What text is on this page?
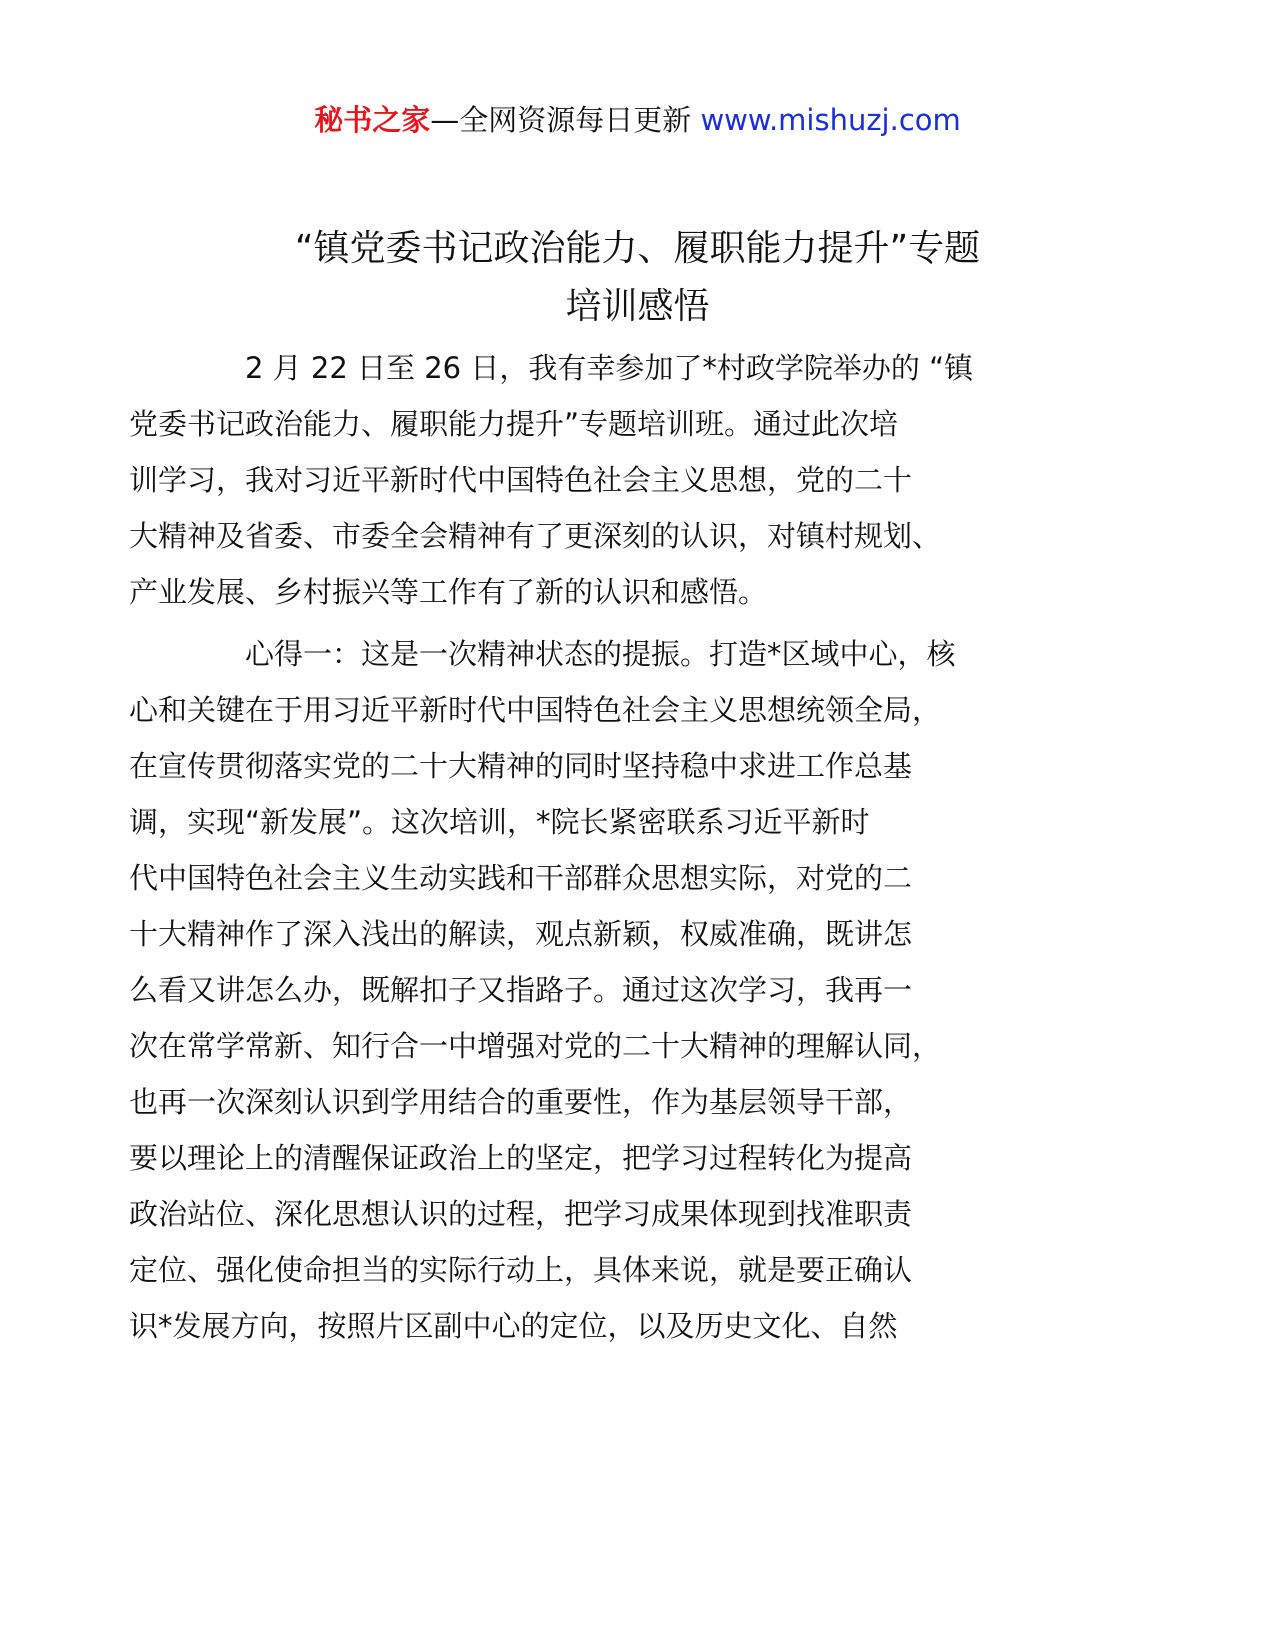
秘书之家—全网资源每日更新 www.mishuzj.com
“镇党委书记政治能力、履职能力提升”专题
培训感悟

2 月 22 日至 26 日，我有幸参加了*村政学院举办的 “镇
党委书记政治能力、履职能力提升”专题培训班。通过此次培
训学习，我对习近平新时代中国特色社会主义思想，党的二十
大精神及省委、市委全会精神有了更深刻的认识，对镇村规划、
产业发展、乡村振兴等工作有了新的认识和感悟。

心得一：这是一次精神状态的提振。打造*区域中心，核
心和关键在于用习近平新时代中国特色社会主义思想统领全局，
在宣传贯彻落实党的二十大精神的同时坚持稳中求进工作总基
调，实现“新发展”。这次培训，*院长紧密联系习近平新时
代中国特色社会主义生动实践和干部群众思想实际，对党的二
十大精神作了深入浅出的解读，观点新颖，权威准确，既讲怎
么看又讲怎么办，既解扣子又指路子。通过这次学习，我再一
次在常学常新、知行合一中增强对党的二十大精神的理解认同，
也再一次深刻认识到学用结合的重要性，作为基层领导干部，
要以理论上的清醒保证政治上的坚定，把学习过程转化为提高
政治站位、深化思想认识的过程，把学习成果体现到找准职责
定位、强化使命担当的实际行动上，具体来说，就是要正确认
识*发展方向，按照片区副中心的定位，以及历史文化、自然
